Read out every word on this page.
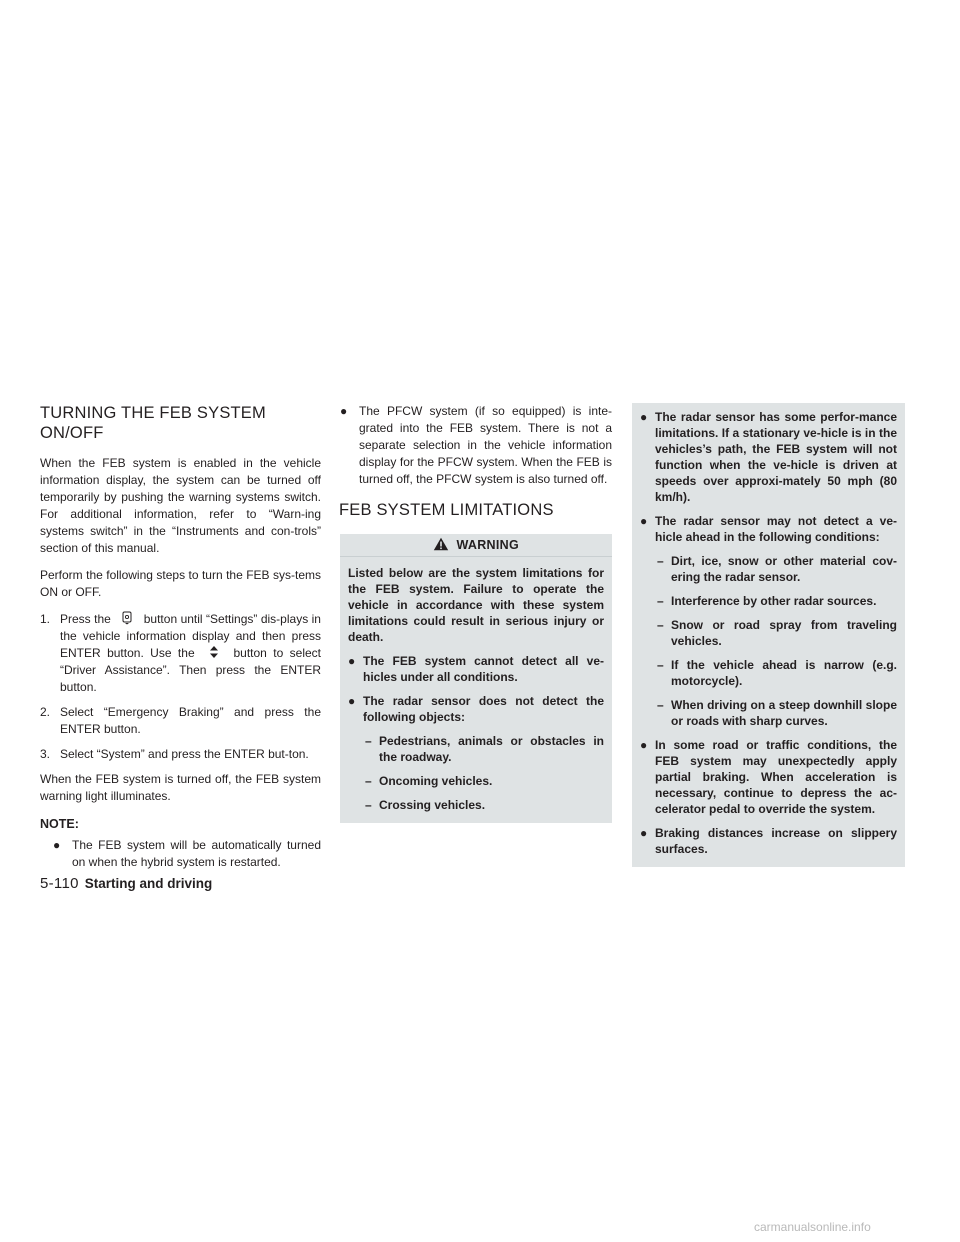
TURNING THE FEB SYSTEM ON/OFF

When the FEB system is enabled in the vehicle information display, the system can be turned off temporarily by pushing the warning systems switch. For additional information, refer to “Warn-ing systems switch” in the “Instruments and con-trols” section of this manual.

Perform the following steps to turn the FEB sys-tems ON or OFF.

1. Press the	button until “Settings” dis-plays in the vehicle information display and then press ENTER button. Use the	button to select “Driver Assistance”. Then press the ENTER button.
2. Select “Emergency Braking” and press the ENTER button.
3. Select “System” and press the ENTER but-ton.

When the FEB system is turned off, the FEB system warning light illuminates.

NOTE:
● The FEB system will be automatically turned on when the hybrid system is restarted.
● The PFCW system (if so equipped) is inte-grated into the FEB system. There is not a separate selection in the vehicle information display for the PFCW system. When the FEB is turned off, the PFCW system is also turned off.
FEB SYSTEM LIMITATIONS
WARNING

Listed below are the system limitations for the FEB system. Failure to operate the vehicle in accordance with these system limitations could result in serious injury or death.

● The FEB system cannot detect all ve-hicles under all conditions.
● The radar sensor does not detect the following objects:
– Pedestrians, animals or obstacles in the roadway.
– Oncoming vehicles.
– Crossing vehicles.
● The radar sensor has some perfor-mance limitations. If a stationary ve-hicle is in the vehicles’s path, the FEB system will not function when the ve-hicle is driven at speeds over approxi-mately 50 mph (80 km/h).
● The radar sensor may not detect a ve-hicle ahead in the following conditions:
– Dirt, ice, snow or other material cov-ering the radar sensor.
– Interference by other radar sources.
– Snow or road spray from traveling vehicles.
– If the vehicle ahead is narrow (e.g. motorcycle).
– When driving on a steep downhill slope or roads with sharp curves.
● In some road or traffic conditions, the FEB system may unexpectedly apply partial braking. When acceleration is necessary, continue to depress the ac-celerator pedal to override the system.
● Braking distances increase on slippery surfaces.
5-110 Starting and driving
carmanualsonline.info
